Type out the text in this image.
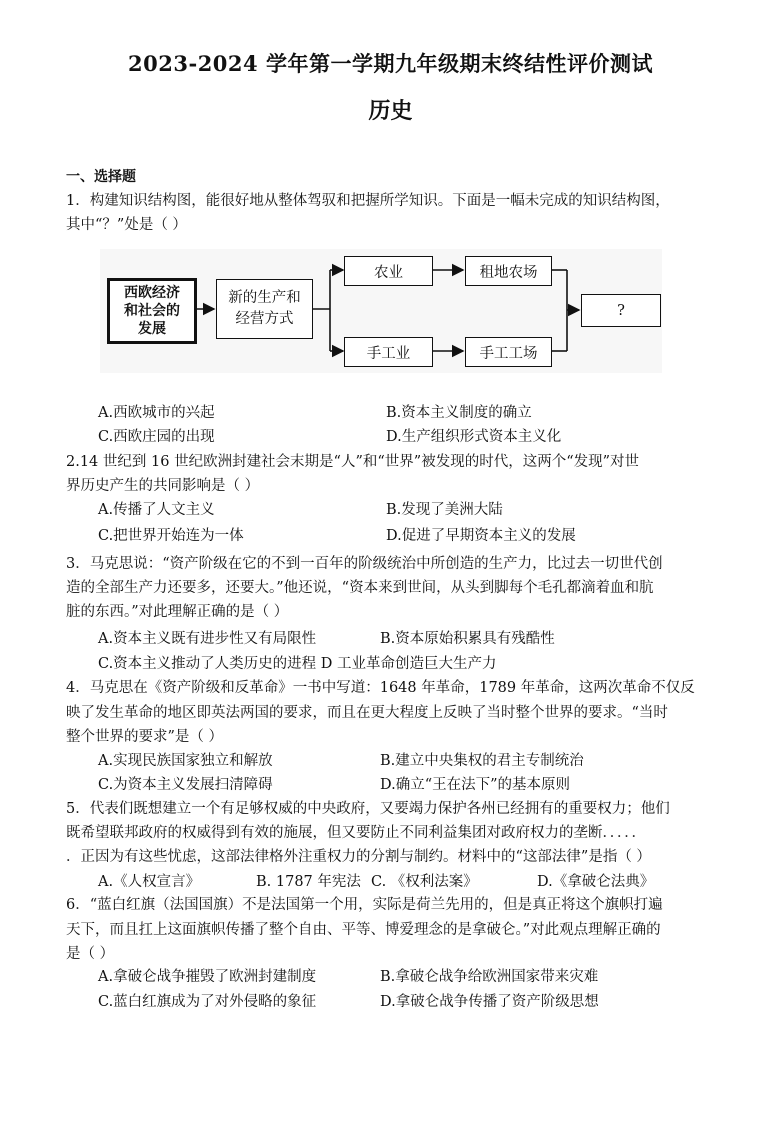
2023-2024 学年第一学期九年级期末终结性评价测试
历史
一、选择题
1．构建知识结构图，能很好地从整体驾驭和把握所学知识。下面是一幅未完成的知识结构图，
其中“？”处是（ ）
西欧经济
和社会的
发展
新的生产和
经营方式
农业	租地农场
手工业	手工工场
?
A.西欧城市的兴起	B.资本主义制度的确立
C.西欧庄园的出现	D.生产组织形式资本主义化
2.14 世纪到 16 世纪欧洲封建社会末期是“人”和“世界”被发现的时代，这两个“发现”对世
界历史产生的共同影响是（ ）
A.传播了人文主义	B.发现了美洲大陆
C.把世界开始连为一体	D.促进了早期资本主义的发展
3．马克思说：“资产阶级在它的不到一百年的阶级统治中所创造的生产力，比过去一切世代创
造的全部生产力还要多，还要大。”他还说，“资本来到世间，从头到脚每个毛孔都滴着血和肮
脏的东西。”对此理解正确的是（ ）
A.资本主义既有进步性又有局限性	B.资本原始积累具有残酷性
C.资本主义推动了人类历史的进程 D 工业革命创造巨大生产力
4．马克思在《资产阶级和反革命》一书中写道：1648 年革命，1789 年革命，这两次革命不仅反
映了发生革命的地区即英法两国的要求，而且在更大程度上反映了当时整个世界的要求。“当时
整个世界的要求”是（ ）
A.实现民族国家独立和解放	B.建立中央集权的君主专制统治
C.为资本主义发展扫清障碍	D.确立“王在法下”的基本原则
5．代表们既想建立一个有足够权威的中央政府，又要竭力保护各州已经拥有的重要权力；他们
既希望联邦政府的权威得到有效的施展，但又要防止不同利益集团对政府权力的垄断．．．．．
．正因为有这些忧虑，这部法律格外注重权力的分割与制约。材料中的“这部法律”是指（ ）
A.《人权宣言》	B. 1787 年宪法 C. 《权利法案》	D.《拿破仑法典》
6．“蓝白红旗（法国国旗）不是法国第一个用，实际是荷兰先用的，但是真正将这个旗帜打遍
天下，而且扛上这面旗帜传播了整个自由、平等、博爱理念的是拿破仑。”对此观点理解正确的
是（ ）
A.拿破仑战争摧毁了欧洲封建制度	B.拿破仑战争给欧洲国家带来灾难
C.蓝白红旗成为了对外侵略的象征	D.拿破仑战争传播了资产阶级思想
